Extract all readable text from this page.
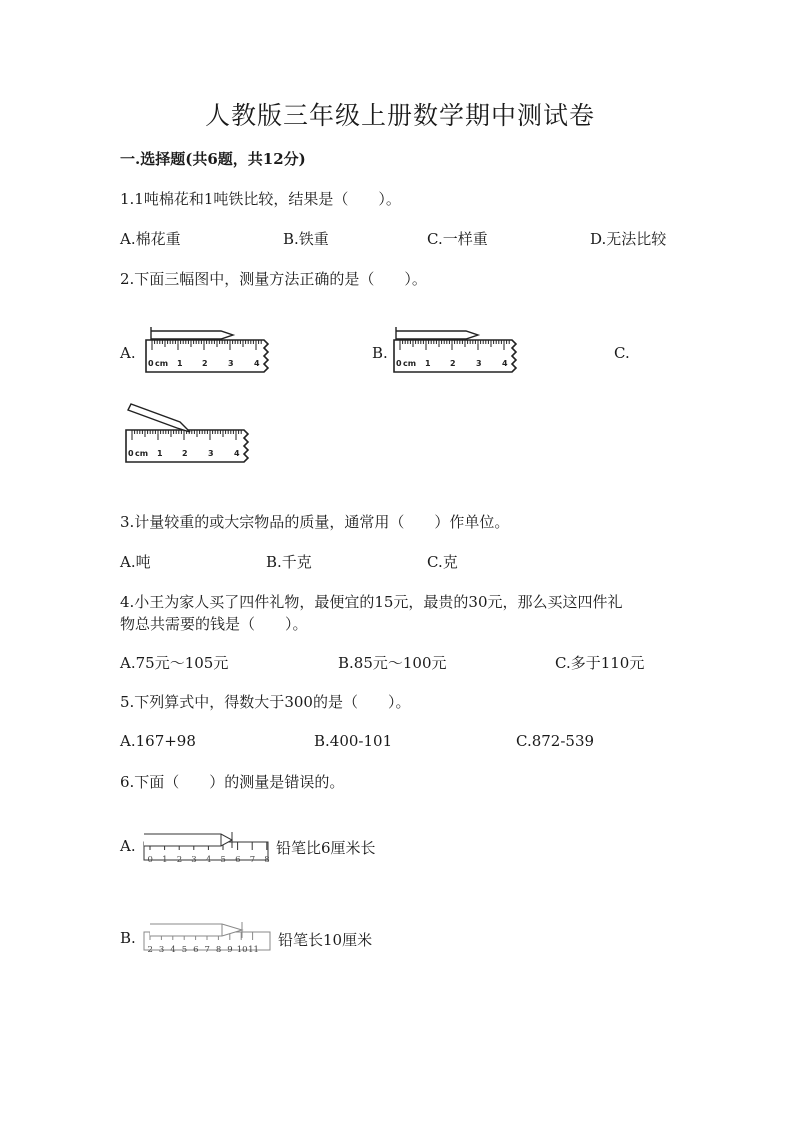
人教版三年级上册数学期中测试卷
一.选择题(共6题，共12分)
1.1吨棉花和1吨铁比较，结果是（　　）。
A.棉花重	B.铁重	C.一样重	D.无法比较
2.下面三幅图中，测量方法正确的是（　　）。
A.	B.	C.
0 cm 1 2	3	4	0 cm 1 2	3	4
0 cm 1 2	3	4
3.计量较重的或大宗物品的质量，通常用（　　）作单位。
A.吨	B.千克	C.克
4.小王为家人买了四件礼物，最便宜的15元，最贵的30元，那么买这四件礼
物总共需要的钱是（　　）。
A.75元～105元	B.85元～100元	C.多于110元
5.下列算式中，得数大于300的是（　　）。
A.167+98	B.400-101	C.872-539
6.下面（　　）的测量是错误的。
A.
0 1 2 3 4 5 6 7 8
铅笔比6厘米长
B.
2 3 4 5 6 7 8 9 10 11
铅笔长10厘米
